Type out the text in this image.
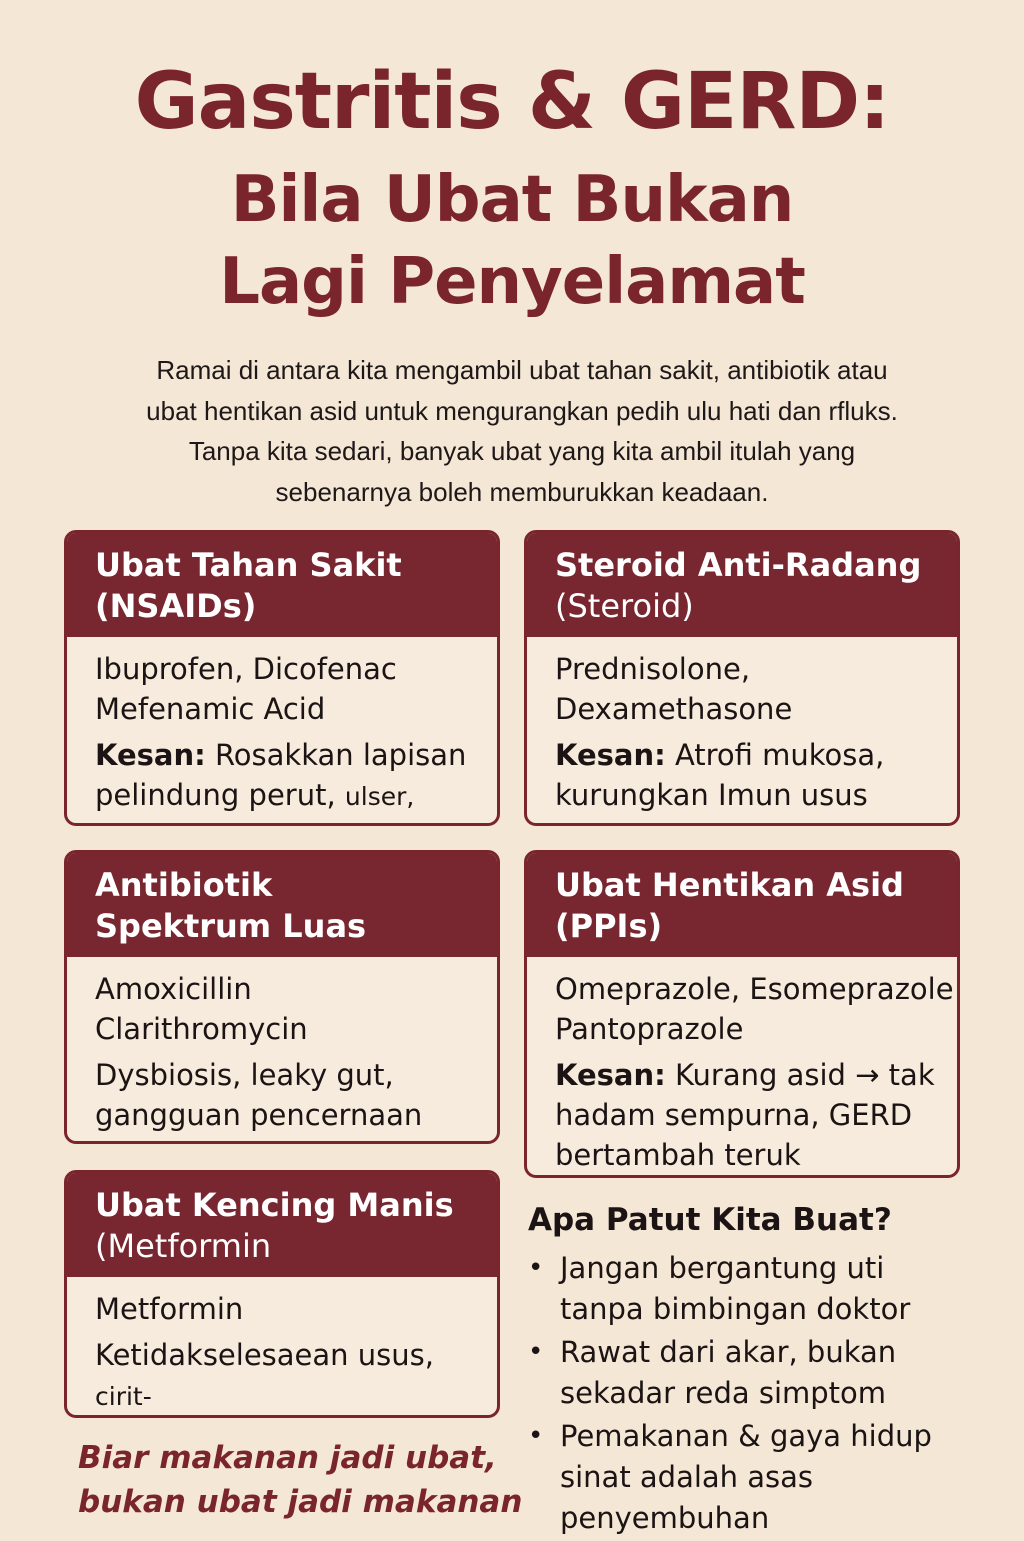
Gastritis & GERD:
Bila Ubat Bukan
Lagi Penyelamat

Ramai di antara kita mengambil ubat tahan sakit, antibiotik atau
ubat hentikan asid untuk mengurangkan pedih ulu hati dan rfluks.
Tanpa kita sedari, banyak ubat yang kita ambil itulah yang
sebenarnya boleh memburukkan keadaan.

Ubat Tahan Sakit
(NSAIDs)
Ibuprofen, Dicofenac
Mefenamic Acid
Kesan: Rosakkan lapisan
pelindung perut, ulser,
Steroid Anti-Radang
(Steroid)
Prednisolone,
Dexamethasone
Kesan: Atrofi mukosa,
kurungkan Imun usus
Antibiotik
Spektrum Luas
Amoxicillin
Clarithromycin
Dysbiosis, leaky gut,
gangguan pencernaan
Ubat Hentikan Asid
(PPIs)
Omeprazole, Esomeprazole
Pantoprazole
Kesan: Kurang asid → tak
hadam sempurna, GERD
bertambah teruk
Ubat Kencing Manis
(Metformin
Metformin
Ketidakselesaean usus, cirit-
Apa Patut Kita Buat?
• Jangan bergantung uti
tanpa bimbingan doktor
• Rawat dari akar, bukan
sekadar reda simptom
• Pemakanan & gaya hidup
sinat adalah asas
penyembuhan

Biar makanan jadi ubat,
bukan ubat jadi makanan
